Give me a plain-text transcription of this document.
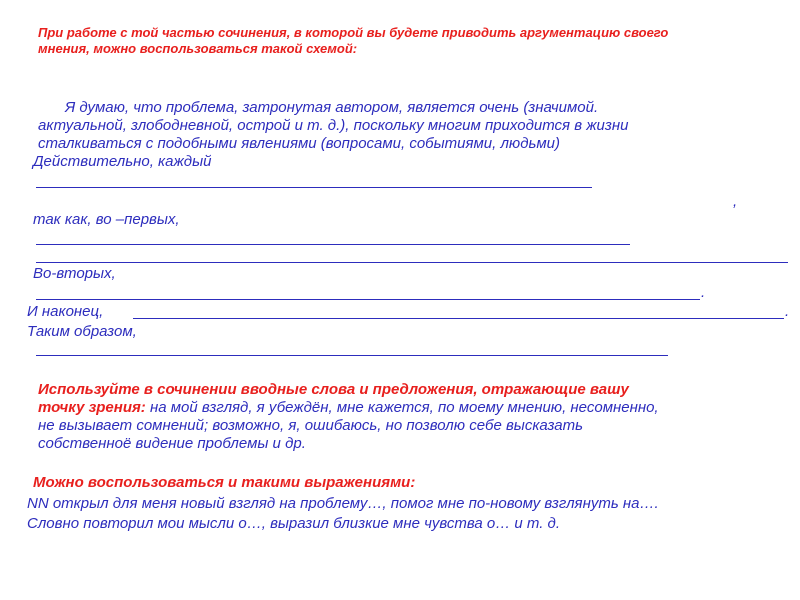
При работе с той частью сочинения, в которой вы будете приводить аргументацию своего
мнения, можно воспользоваться такой схемой:
Я думаю, что проблема, затронутая автором, является очень (значимой.
актуальной, злободневной, острой и т. д.), поскольку многим приходится в жизни
сталкиваться с подобными явлениями (вопросами, событиями, людьми)
Действительно, каждый
,
так как, во –первых,
Во-вторых,
.
И наконец,	.
Таким образом,
Используйте в сочинении вводные слова и предложения, отражающие вашу
точку зрения: на мой взгляд, я убеждён, мне кажется, по моему мнению, несомненно,
не вызывает сомнений; возможно, я, ошибаюсь, но позволю себе высказать
собственноё видение проблемы и др.
Можно воспользоваться и такими выражениями:
NN открыл для меня новый взгляд на проблему…, помог мне по-новому взглянуть на….
Словно повторил мои мысли о…, выразил близкие мне чувства о… и т. д.
